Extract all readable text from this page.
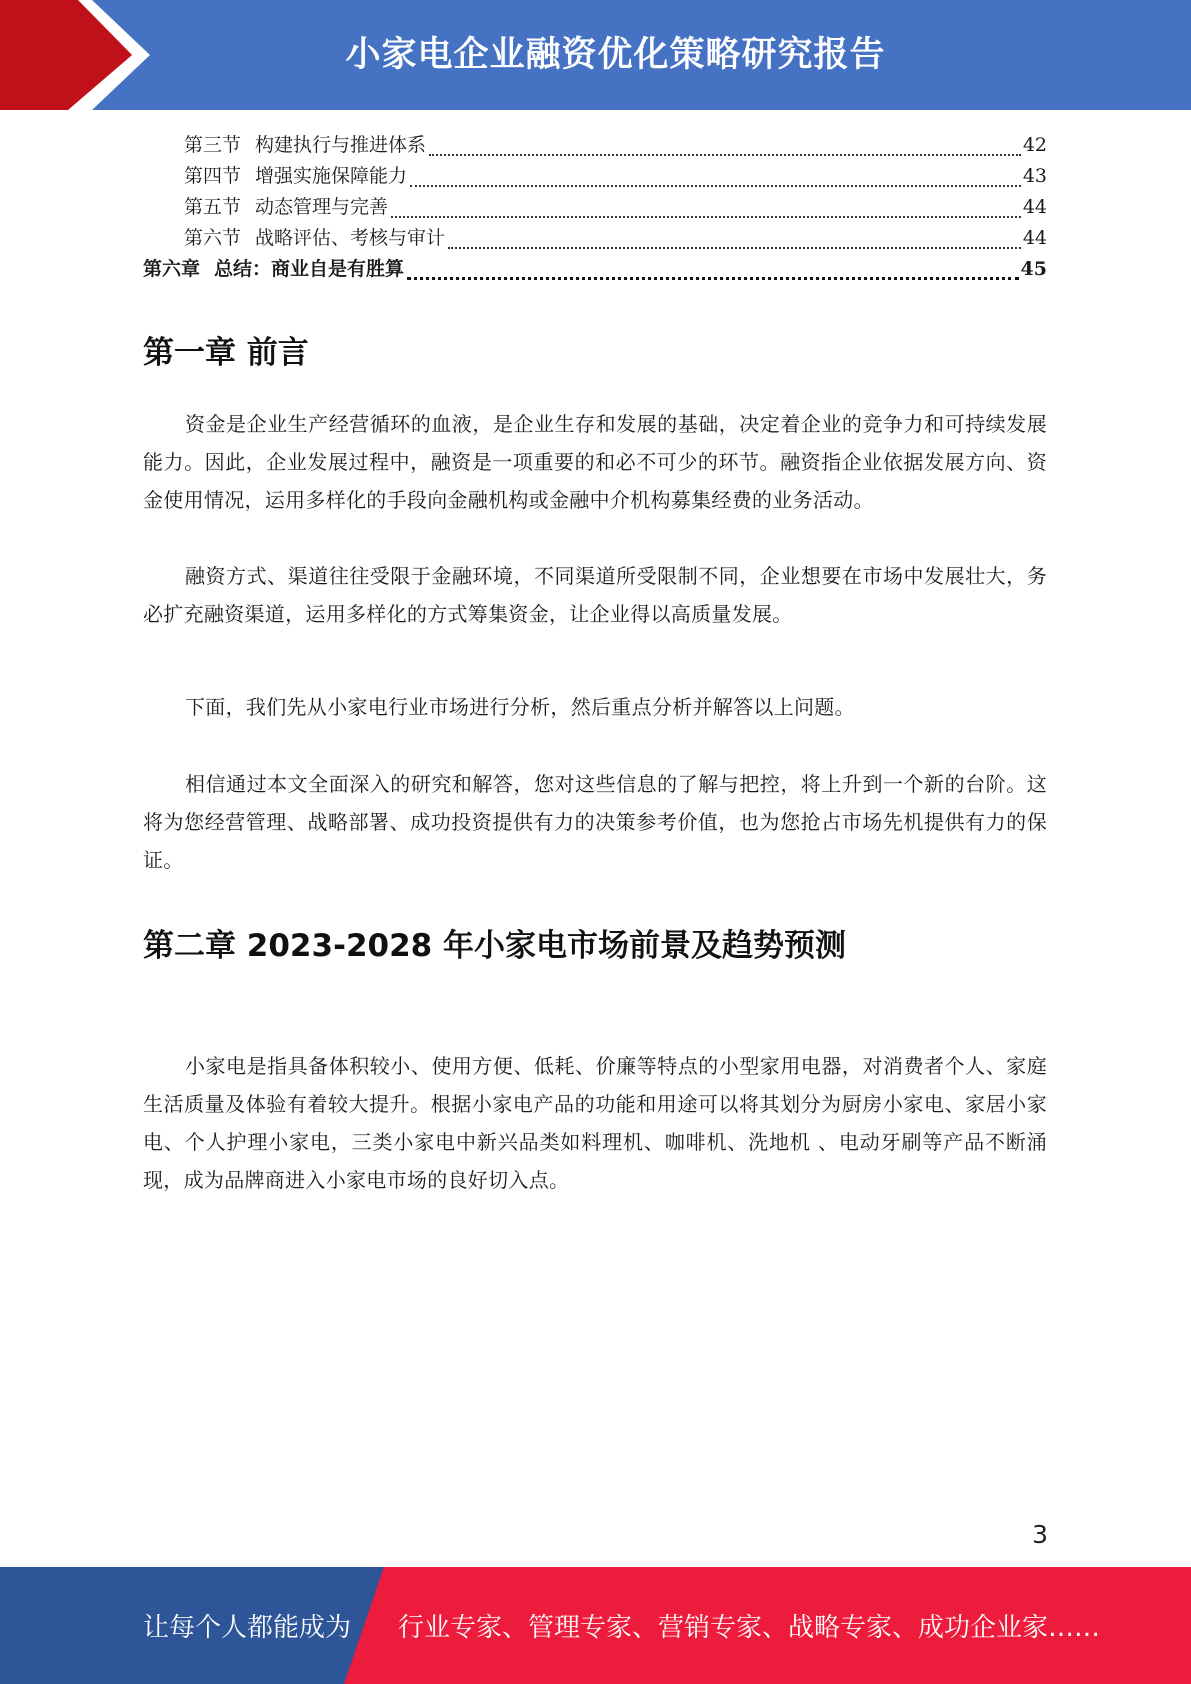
小家电企业融资优化策略研究报告
第三节 构建执行与推进体系	42
第四节 增强实施保障能力	43
第五节 动态管理与完善	44
第六节 战略评估、考核与审计	44
第六章 总结：商业自是有胜算	45
第一章 前言

资金是企业生产经营循环的血液，是企业生存和发展的基础，决定着企业的竞争力和可持续发展能力。因此，企业发展过程中，融资是一项重要的和必不可少的环节。融资指企业依据发展方向、资金使用情况，运用多样化的手段向金融机构或金融中介机构募集经费的业务活动。

融资方式、渠道往往受限于金融环境，不同渠道所受限制不同，企业想要在市场中发展壮大，务必扩充融资渠道，运用多样化的方式筹集资金，让企业得以高质量发展。

下面，我们先从小家电行业市场进行分析，然后重点分析并解答以上问题。

相信通过本文全面深入的研究和解答，您对这些信息的了解与把控，将上升到一个新的台阶。这将为您经营管理、战略部署、成功投资提供有力的决策参考价值，也为您抢占市场先机提供有力的保证。

第二章 2023-2028 年小家电市场前景及趋势预测

小家电是指具备体积较小、使用方便、低耗、价廉等特点的小型家用电器，对消费者个人、家庭生活质量及体验有着较大提升。根据小家电产品的功能和用途可以将其划分为厨房小家电、家居小家电、个人护理小家电，三类小家电中新兴品类如料理机、咖啡机、洗地机 、电动牙刷等产品不断涌现，成为品牌商进入小家电市场的良好切入点。

3
让每个人都能成为 行业专家、管理专家、营销专家、战略专家、成功企业家……
